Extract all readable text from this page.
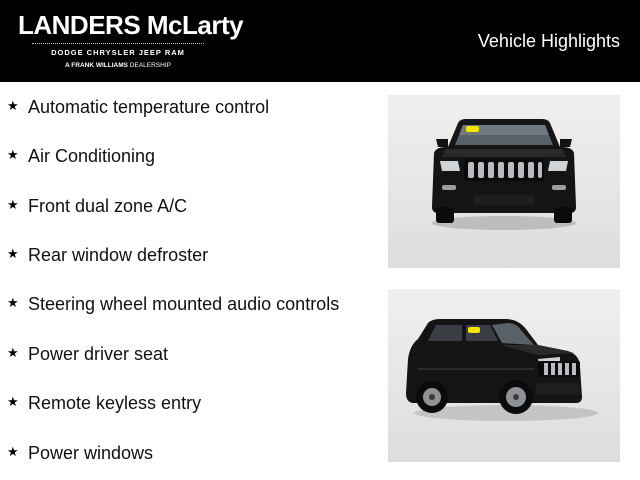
LANDERS McLarty
DODGE CHRYSLER JEEP RAM
A FRANK WILLIAMS DEALERSHIP
Vehicle Highlights
★ Automatic temperature control
★ Air Conditioning
★ Front dual zone A/C
★ Rear window defroster
★ Steering wheel mounted audio controls
★ Power driver seat
★ Remote keyless entry
★ Power windows
